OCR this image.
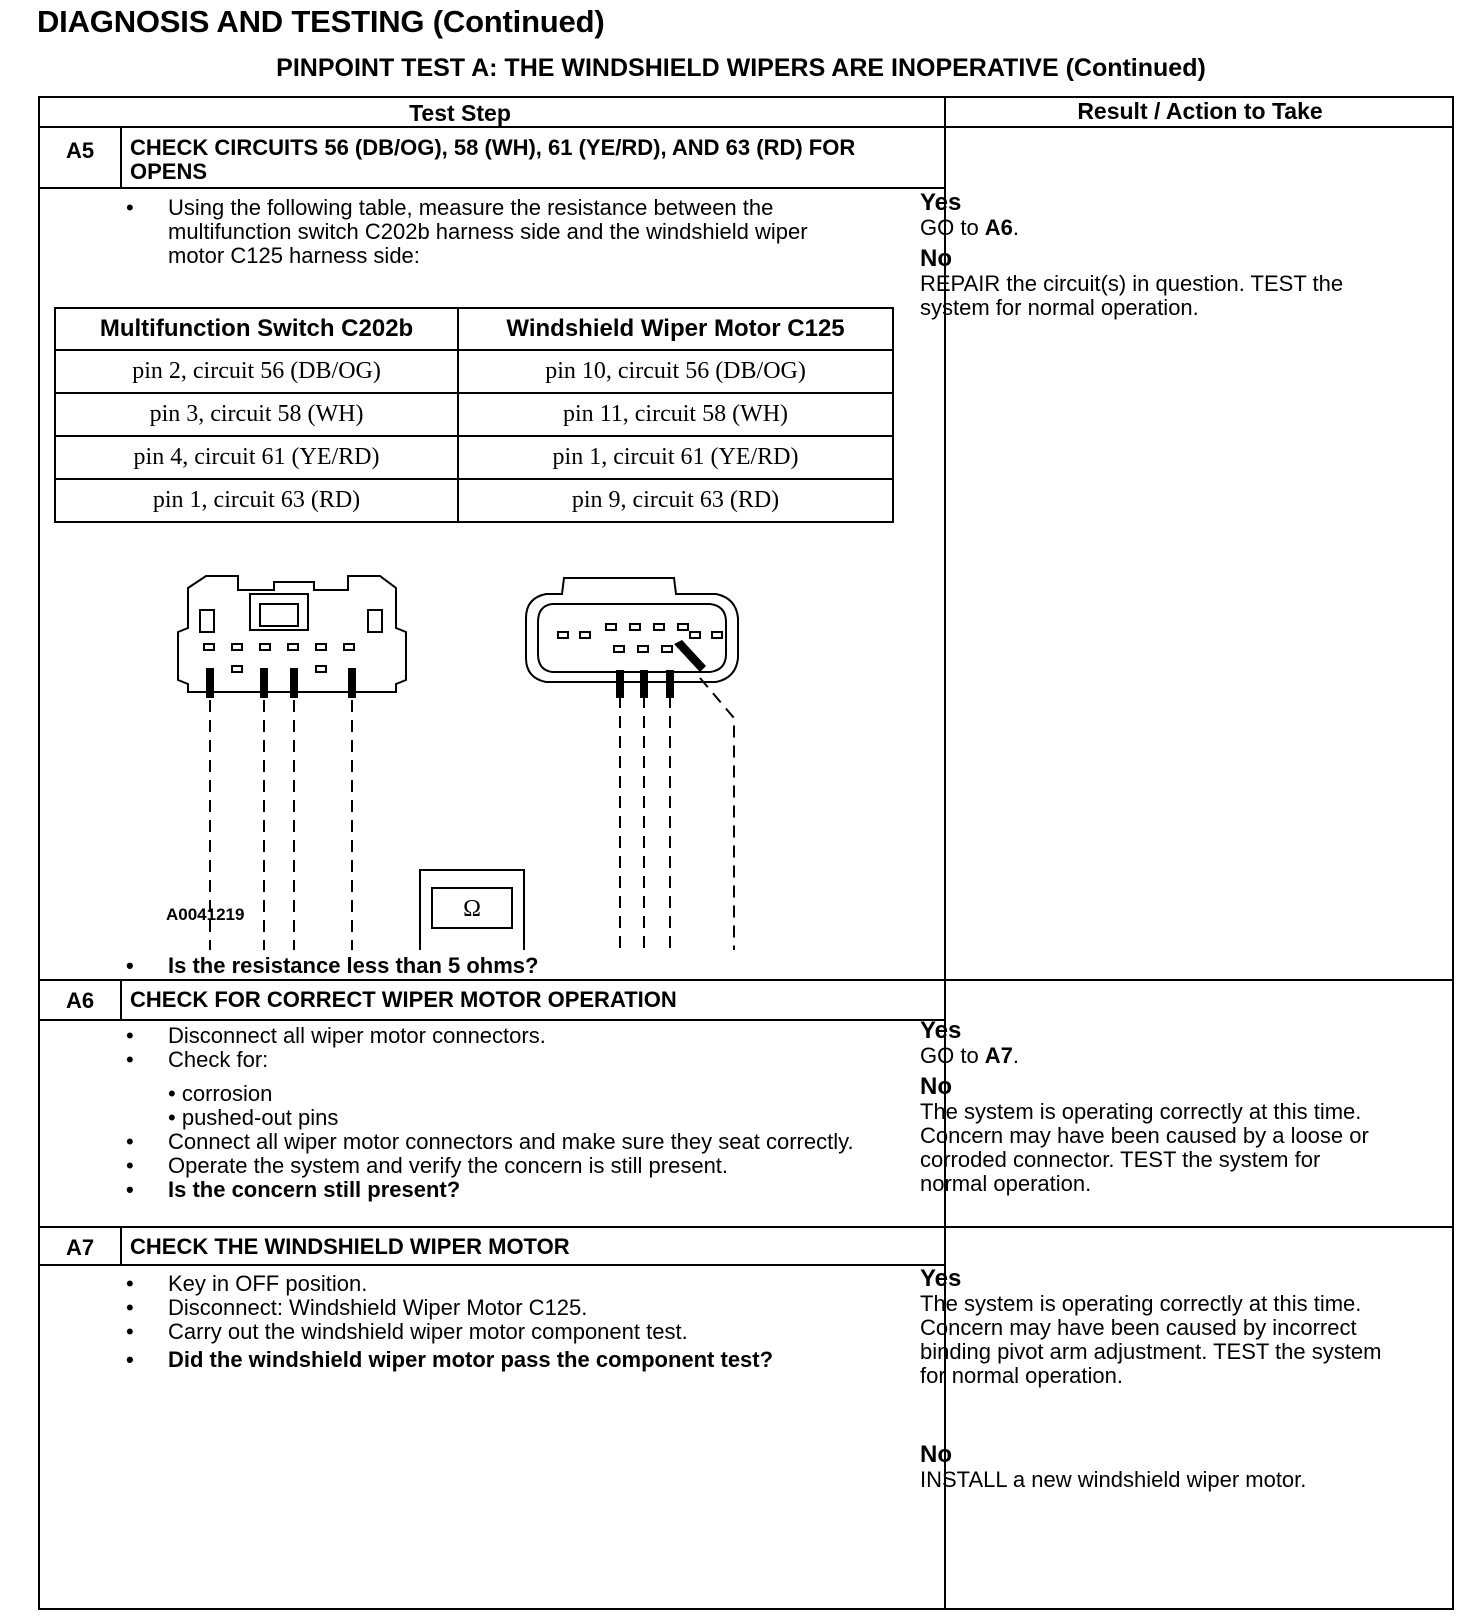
DIAGNOSIS AND TESTING (Continued)
PINPOINT TEST A: THE WINDSHIELD WIPERS ARE INOPERATIVE (Continued)
Test Step	Result / Action to Take
A5	CHECK CIRCUITS 56 (DB/OG), 58 (WH), 61 (YE/RD), AND 63 (RD) FOR OPENS
• Using the following table, measure the resistance between the multifunction switch C202b harness side and the windshield wiper motor C125 harness side:
Multifunction Switch C202b	Windshield Wiper Motor C125
pin 2, circuit 56 (DB/OG)	pin 10, circuit 56 (DB/OG)
pin 3, circuit 58 (WH)	pin 11, circuit 58 (WH)
pin 4, circuit 61 (YE/RD)	pin 1, circuit 61 (YE/RD)
pin 1, circuit 63 (RD)	pin 9, circuit 63 (RD)
Ω
A0041219
• Is the resistance less than 5 ohms?
Yes
GO to A6.
No
REPAIR the circuit(s) in question. TEST the system for normal operation.
A6	CHECK FOR CORRECT WIPER MOTOR OPERATION
• Disconnect all wiper motor connectors.
• Check for:
• corrosion
• pushed-out pins
• Connect all wiper motor connectors and make sure they seat correctly.
• Operate the system and verify the concern is still present.
• Is the concern still present?
Yes
GO to A7.
No
The system is operating correctly at this time. Concern may have been caused by a loose or corroded connector. TEST the system for normal operation.
A7	CHECK THE WINDSHIELD WIPER MOTOR
• Key in OFF position.
• Disconnect: Windshield Wiper Motor C125.
• Carry out the windshield wiper motor component test.
• Did the windshield wiper motor pass the component test?
Yes
The system is operating correctly at this time. Concern may have been caused by incorrect binding pivot arm adjustment. TEST the system for normal operation.
No
INSTALL a new windshield wiper motor.
